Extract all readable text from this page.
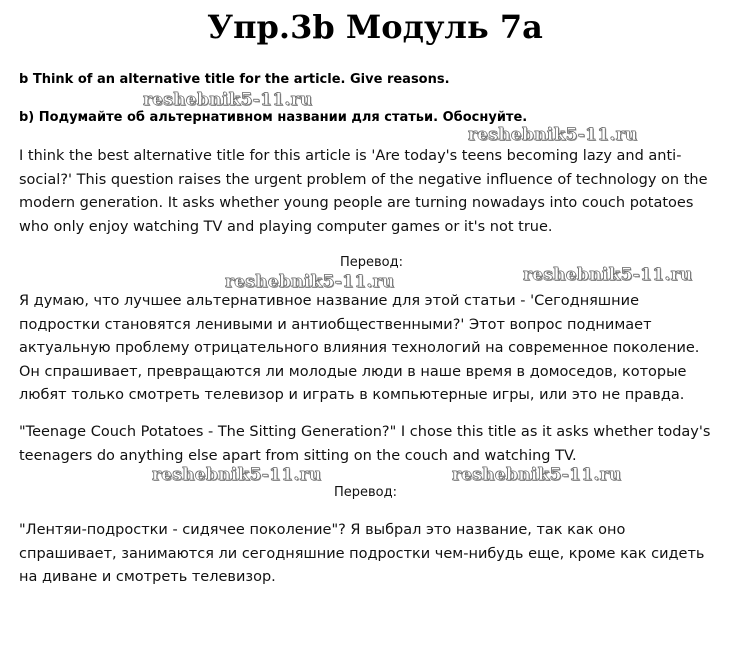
Упр.3b Модуль 7а
b Think of an alternative title for the article. Give reasons.
b) Подумайте об альтернативном названии для статьи. Обоснуйте.

I think the best alternative title for this article is 'Are today's teens becoming lazy and anti-social?' This question raises the urgent problem of the negative influence of technology on the modern generation. It asks whether young people are turning nowadays into couch potatoes who only enjoy watching TV and playing computer games or it's not true.

Перевод:

Я думаю, что лучшее альтернативное название для этой статьи - 'Сегодняшние подростки становятся ленивыми и антиобщественными?' Этот вопрос поднимает актуальную проблему отрицательного влияния технологий на современное поколение. Он спрашивает, превращаются ли молодые люди в наше время в домоседов, которые любят только смотреть телевизор и играть в компьютерные игры, или это не правда.

"Teenage Couch Potatoes - The Sitting Generation?" I chose this title as it asks whether today's teenagers do anything else apart from sitting on the couch and watching TV.

Перевод:

"Лентяи-подростки - сидячее поколение"? Я выбрал это название, так как оно спрашивает, занимаются ли сегодняшние подростки чем-нибудь еще, кроме как сидеть на диване и смотреть телевизор.

reshebnik5-11.ru
reshebnik5-11.ru
reshebnik5-11.ru	reshebnik5-11.ru
reshebnik5-11.ru	reshebnik5-11.ru
